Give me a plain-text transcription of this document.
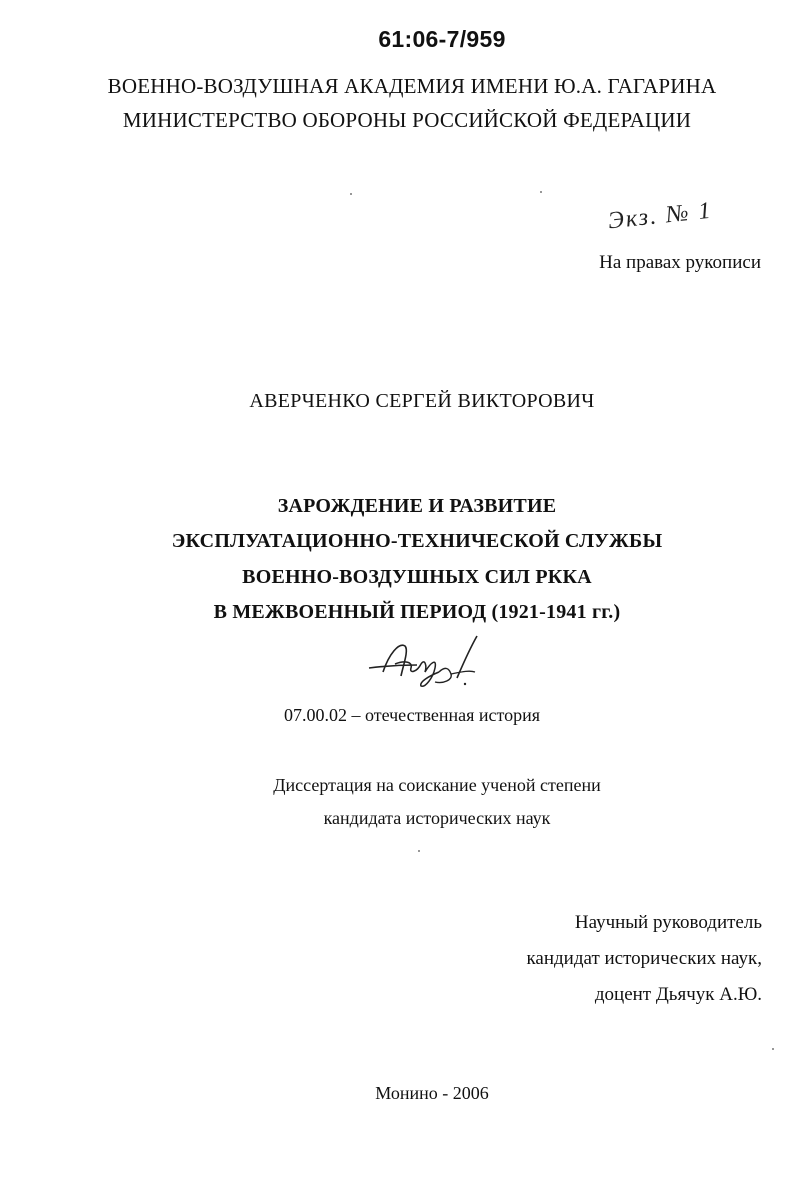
61:06-7/959
ВОЕННО-ВОЗДУШНАЯ АКАДЕМИЯ ИМЕНИ Ю.А. ГАГАРИНА
МИНИСТЕРСТВО ОБОРОНЫ РОССИЙСКОЙ ФЕДЕРАЦИИ
Экз. № 1
На правах рукописи
АВЕРЧЕНКО СЕРГЕЙ ВИКТОРОВИЧ
ЗАРОЖДЕНИЕ И РАЗВИТИЕ
ЭКСПЛУАТАЦИОННО-ТЕХНИЧЕСКОЙ СЛУЖБЫ
ВОЕННО-ВОЗДУШНЫХ СИЛ РККА
В МЕЖВОЕННЫЙ ПЕРИОД (1921-1941 гг.)
07.00.02 – отечественная история
Диссертация на соискание ученой степени
кандидата исторических наук
Научный руководитель
кандидат исторических наук,
доцент Дьячук А.Ю.
Монино - 2006
